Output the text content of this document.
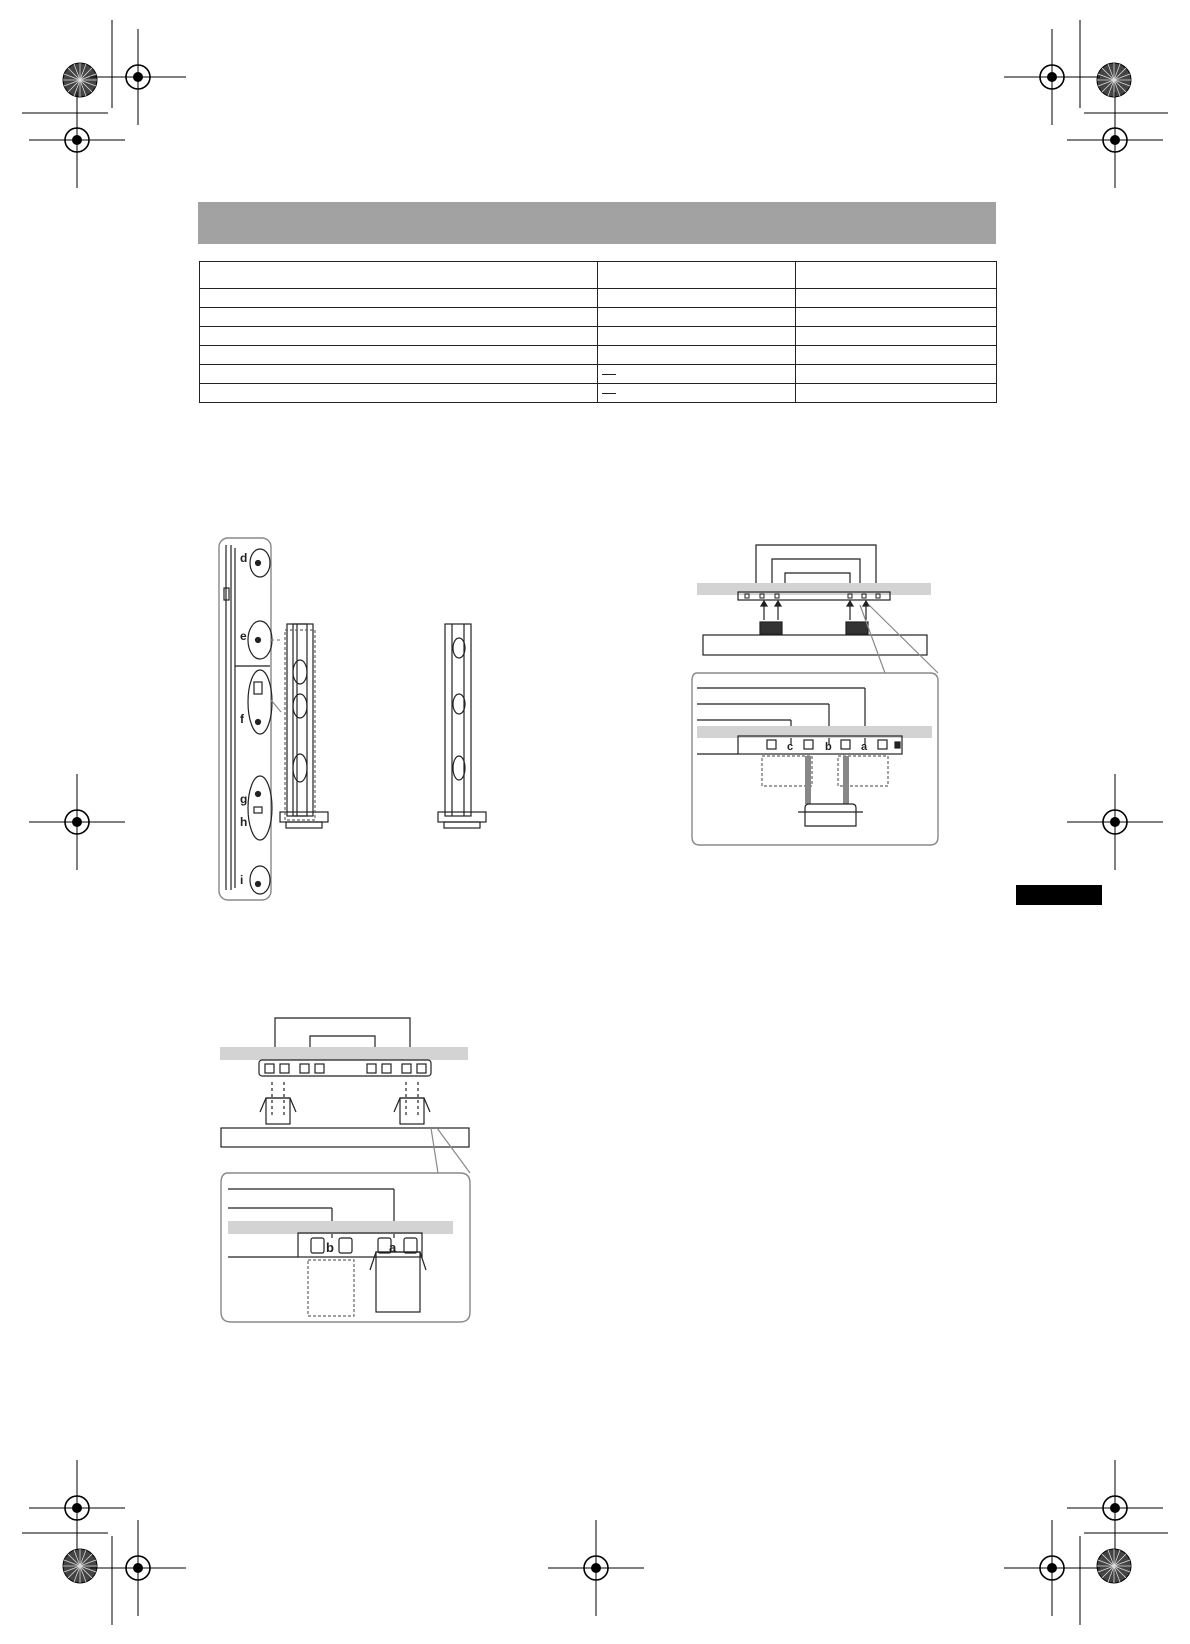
d
e
f
g
h
i
c	b	a
b	a
